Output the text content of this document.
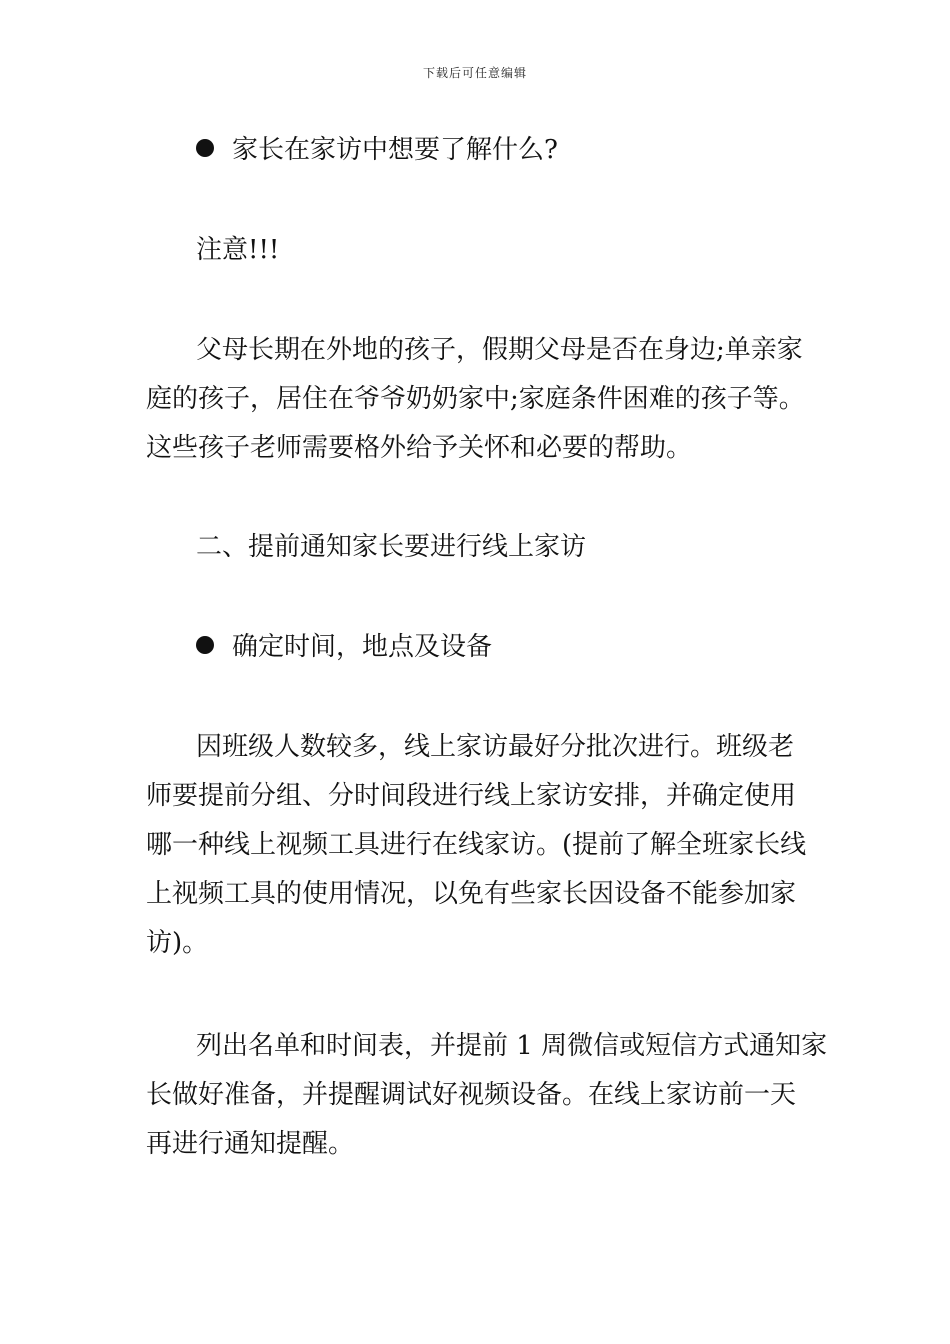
下载后可任意编辑
家长在家访中想要了解什么?
注意!!!
父母长期在外地的孩子，假期父母是否在身边;单亲家
庭的孩子，居住在爷爷奶奶家中;家庭条件困难的孩子等。
这些孩子老师需要格外给予关怀和必要的帮助。
二、提前通知家长要进行线上家访
确定时间，地点及设备
因班级人数较多，线上家访最好分批次进行。班级老
师要提前分组、分时间段进行线上家访安排，并确定使用
哪一种线上视频工具进行在线家访。(提前了解全班家长线
上视频工具的使用情况，以免有些家长因设备不能参加家
访)。
列出名单和时间表，并提前 1 周微信或短信方式通知家
长做好准备，并提醒调试好视频设备。在线上家访前一天
再进行通知提醒。
